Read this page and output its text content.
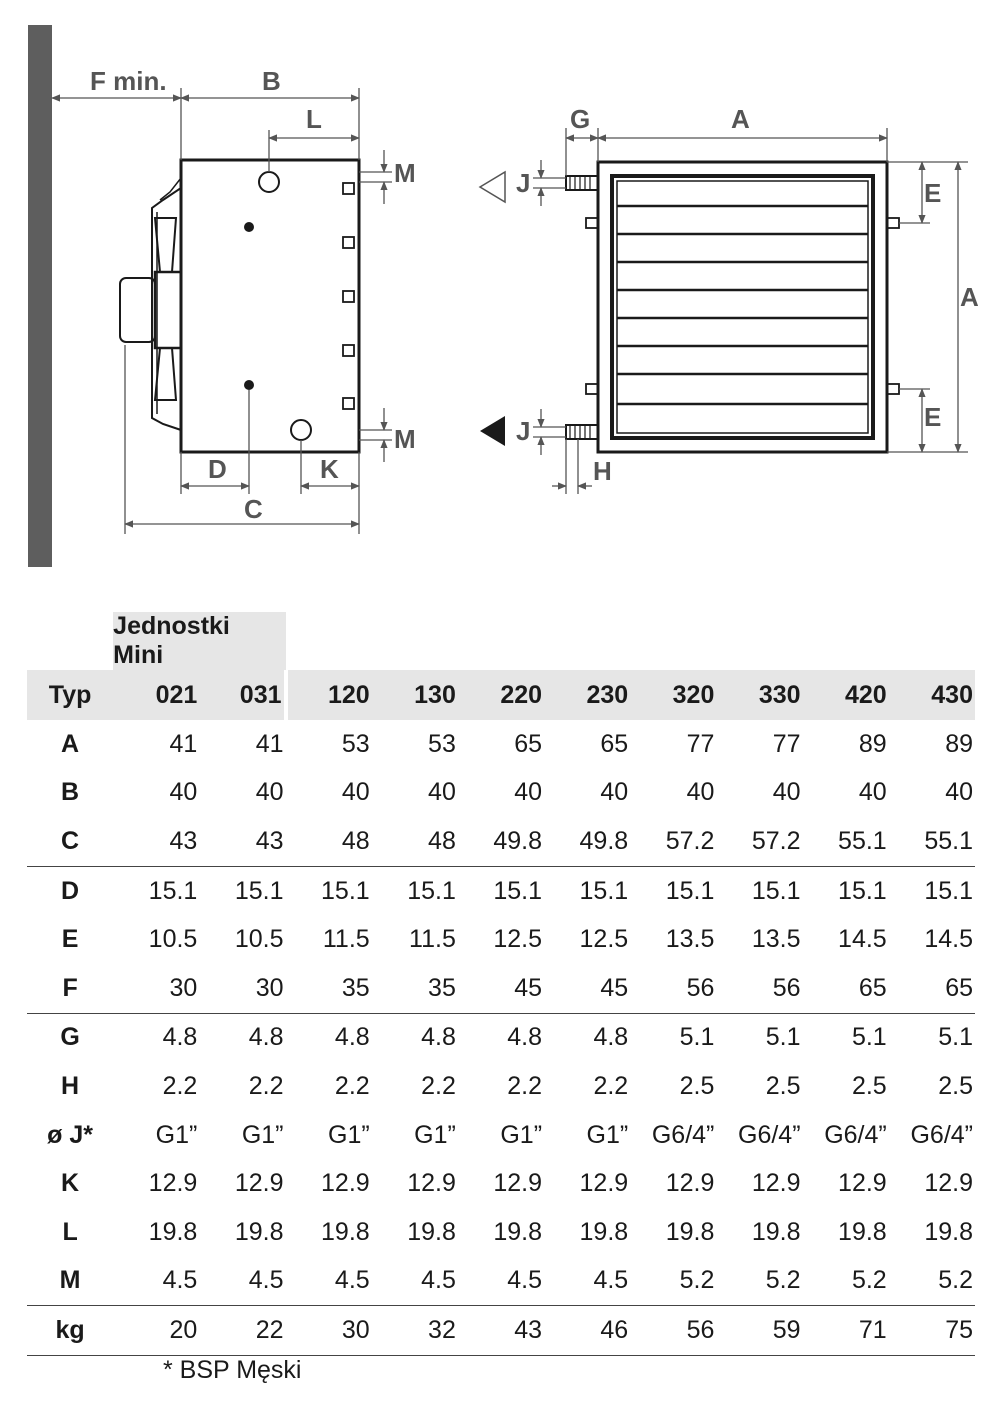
F min.	B
L
M
M
D	K
C
G	A
A
J
J
E
E
H
	Jednostki Mini									
Typ	021	031	120	130	220	230	320	330	420	430
A	41	41	53	53	65	65	77	77	89	89
B	40	40	40	40	40	40	40	40	40	40
C	43	43	48	48	49.8	49.8	57.2	57.2	55.1	55.1
D	15.1	15.1	15.1	15.1	15.1	15.1	15.1	15.1	15.1	15.1
E	10.5	10.5	11.5	11.5	12.5	12.5	13.5	13.5	14.5	14.5
F	30	30	35	35	45	45	56	56	65	65
G	4.8	4.8	4.8	4.8	4.8	4.8	5.1	5.1	5.1	5.1
H	2.2	2.2	2.2	2.2	2.2	2.2	2.5	2.5	2.5	2.5
ø J*	G1”	G1”	G1”	G1”	G1”	G1”	G6/4”	G6/4”	G6/4”	G6/4”
K	12.9	12.9	12.9	12.9	12.9	12.9	12.9	12.9	12.9	12.9
L	19.8	19.8	19.8	19.8	19.8	19.8	19.8	19.8	19.8	19.8
M	4.5	4.5	4.5	4.5	4.5	4.5	5.2	5.2	5.2	5.2
kg	20	22	30	32	43	46	56	59	71	75
* BSP Męski
